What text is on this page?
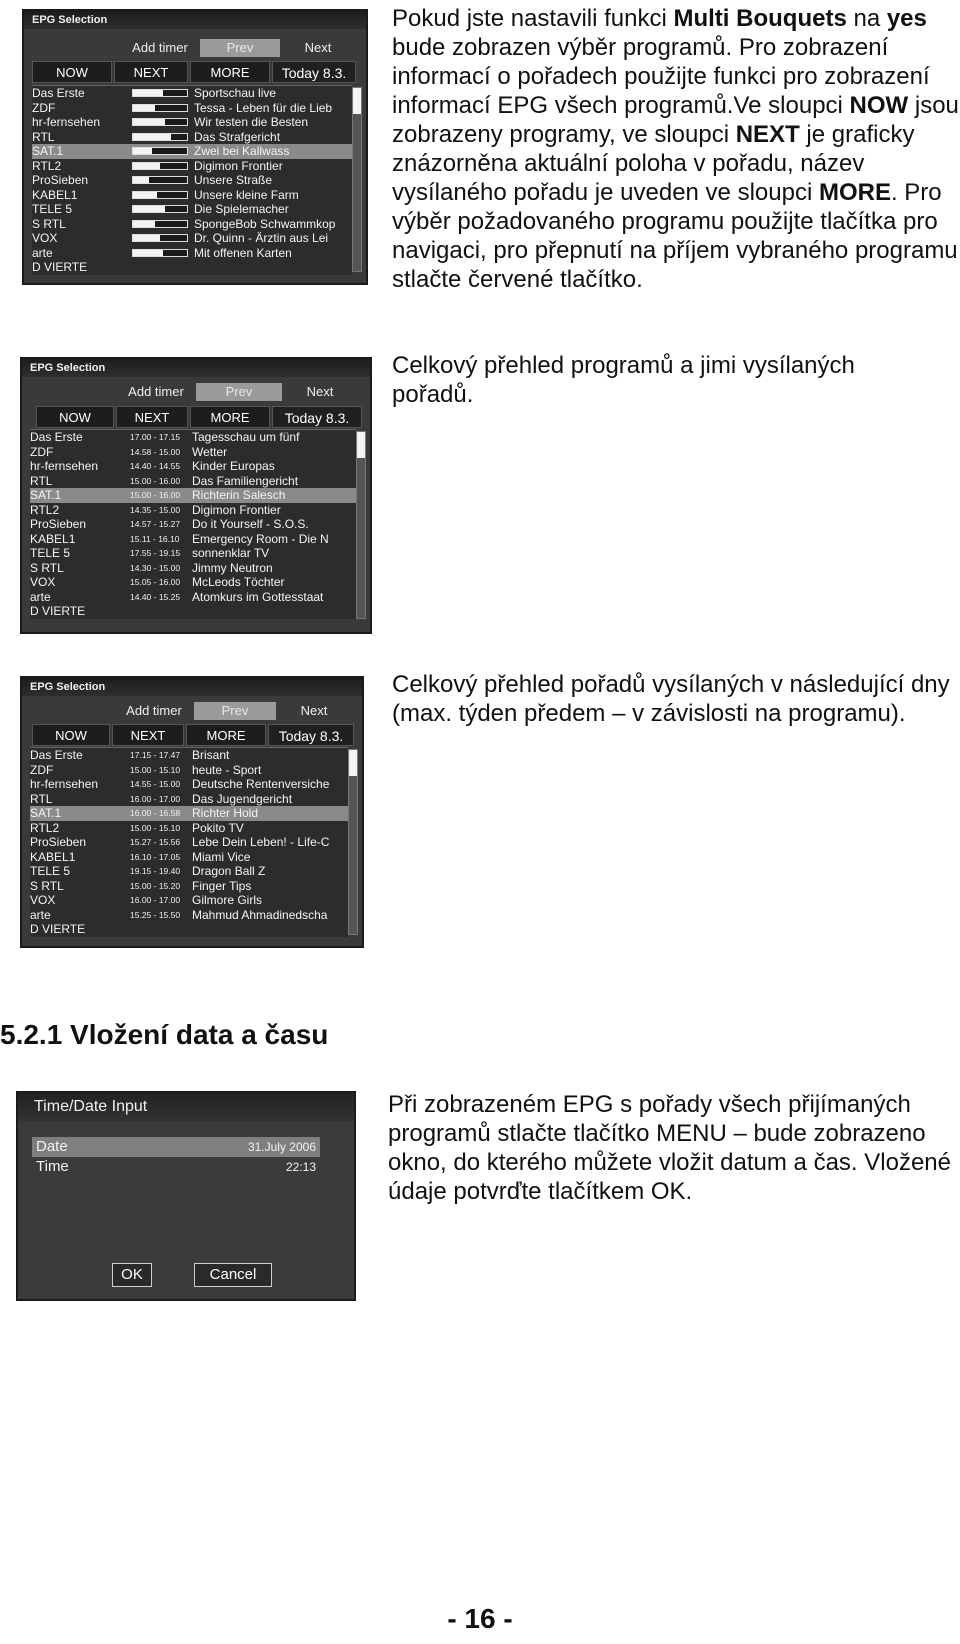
Pokud jste nastavili funkci Multi Bouquets na yes bude zobrazen výběr programů. Pro zobrazení informací o pořadech použijte funkci pro zobrazení informací EPG všech programů.Ve sloupci NOW jsou zobrazeny programy, ve sloupci NEXT je graficky znázorněna aktuální poloha v pořadu, název vysílaného pořadu je uveden ve sloupci MORE. Pro výběr požadovaného programu použijte tlačítka pro navigaci, pro přepnutí na příjem vybraného programu stlačte červené tlačítko.
Celkový přehled programů a jimi vysílaných pořadů.
Celkový přehled pořadů vysílaných v následující dny (max. týden předem – v závislosti na programu).
EPG Selection
Add timer	Prev	Next
NOW	NEXT	MORE	Today 8.3.
Das Erste	Sportschau live
ZDF	Tessa - Leben für die Lieb
hr-fernsehen	Wir testen die Besten
RTL	Das Strafgericht
SAT.1	Zwei bei Kallwass
RTL2	Digimon Frontier
ProSieben	Unsere Straße
KABEL1	Unsere kleine Farm
TELE 5	Die Spielemacher
S RTL	SpongeBob Schwammkop
VOX	Dr. Quinn - Ärztin aus Lei
arte	Mit offenen Karten
D VIERTE
EPG Selection
Add timer	Prev	Next
NOW	NEXT	MORE	Today 8.3.
Das Erste	17.00 - 17.15 Tagesschau um fünf
ZDF	14.58 - 15.00 Wetter
hr-fernsehen	14.40 - 14.55 Kinder Europas
RTL	15.00 - 16.00 Das Familiengericht
SAT.1	15.00 - 16.00 Richterin Salesch
RTL2	14.35 - 15.00 Digimon Frontier
ProSieben	14.57 - 15.27 Do it Yourself - S.O.S.
KABEL1	15.11 - 16.10 Emergency Room - Die N
TELE 5	17.55 - 19.15 sonnenklar TV
S RTL	14.30 - 15.00 Jimmy Neutron
VOX	15.05 - 16.00 McLeods Töchter
arte	14.40 - 15.25 Atomkurs im Gottesstaat
D VIERTE
EPG Selection
Add timer	Prev	Next
NOW	NEXT	MORE	Today 8.3.
Das Erste	17.15 - 17.47 Brisant
ZDF	15.00 - 15.10 heute - Sport
hr-fernsehen	14.55 - 15.00 Deutsche Rentenversiche
RTL	16.00 - 17.00 Das Jugendgericht
SAT.1	16.00 - 16.58 Richter Hold
RTL2	15.00 - 15.10 Pokito TV
ProSieben	15.27 - 15.56 Lebe Dein Leben! - Life-C
KABEL1	16.10 - 17.05 Miami Vice
TELE 5	19.15 - 19.40 Dragon Ball Z
S RTL	15.00 - 15.20 Finger Tips
VOX	16.00 - 17.00 Gilmore Girls
arte	15.25 - 15.50 Mahmud Ahmadinedscha
D VIERTE
5.2.1 Vložení data a času
Time/Date Input
Date	31.July 2006
Time	22:13
OK	Cancel
Při zobrazeném EPG s pořady všech přijímaných programů stlačte tlačítko MENU – bude zobrazeno okno, do kterého můžete vložit datum a čas. Vložené údaje potvrďte tlačítkem OK.
- 16 -
